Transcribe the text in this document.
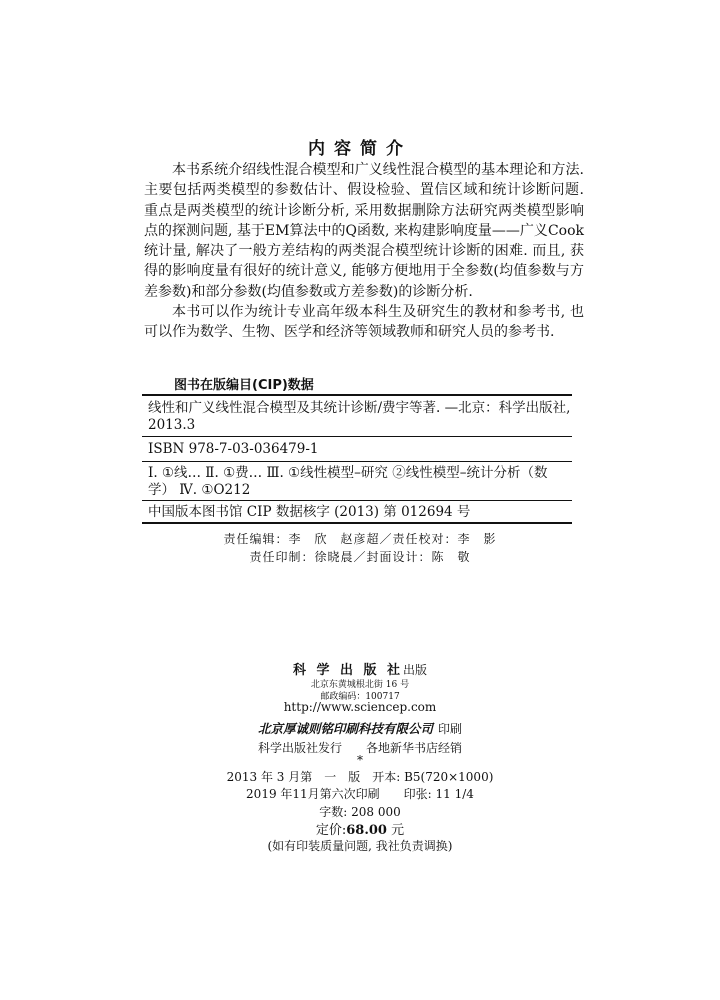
内容简介

本书系统介绍线性混合模型和广义线性混合模型的基本理论和方法. 主要包括两类模型的参数估计、假设检验、置信区域和统计诊断问题. 重点是两类模型的统计诊断分析, 采用数据删除方法研究两类模型影响点的探测问题, 基于EM算法中的Q函数, 来构建影响度量——广义Cook统计量, 解决了一般方差结构的两类混合模型统计诊断的困难. 而且, 获得的影响度量有很好的统计意义, 能够方便地用于全参数(均值参数与方差参数)和部分参数(均值参数或方差参数)的诊断分析.

本书可以作为统计专业高年级本科生及研究生的教材和参考书, 也可以作为数学、生物、医学和经济等领域教师和研究人员的参考书.

图书在版编目(CIP)数据
线性和广义线性混合模型及其统计诊断/费宇等著. —北京：科学出版社, 2013.3
ISBN 978-7-03-036479-1
Ⅰ. ①线… Ⅱ. ①费… Ⅲ. ①线性模型–研究 ②线性模型–统计分析（数学） Ⅳ. ①O212
中国版本图书馆 CIP 数据核字 (2013) 第 012694 号
责任编辑：李　欣　赵彦超／责任校对：李　影
责任印制：徐晓晨／封面设计：陈　敬
科 学 出 版 社出版
北京东黄城根北街 16 号
邮政编码：100717
http://www.sciencep.com
北京厚诚则铭印刷科技有限公司 印刷
科学出版社发行　　各地新华书店经销
*
2013 年 3 月第　一　版　开本: B5(720×1000)
2019 年11月第六次印刷　　印张: 11 1/4
字数: 208 000
定价:68.00 元
(如有印装质量问题, 我社负责调换)
